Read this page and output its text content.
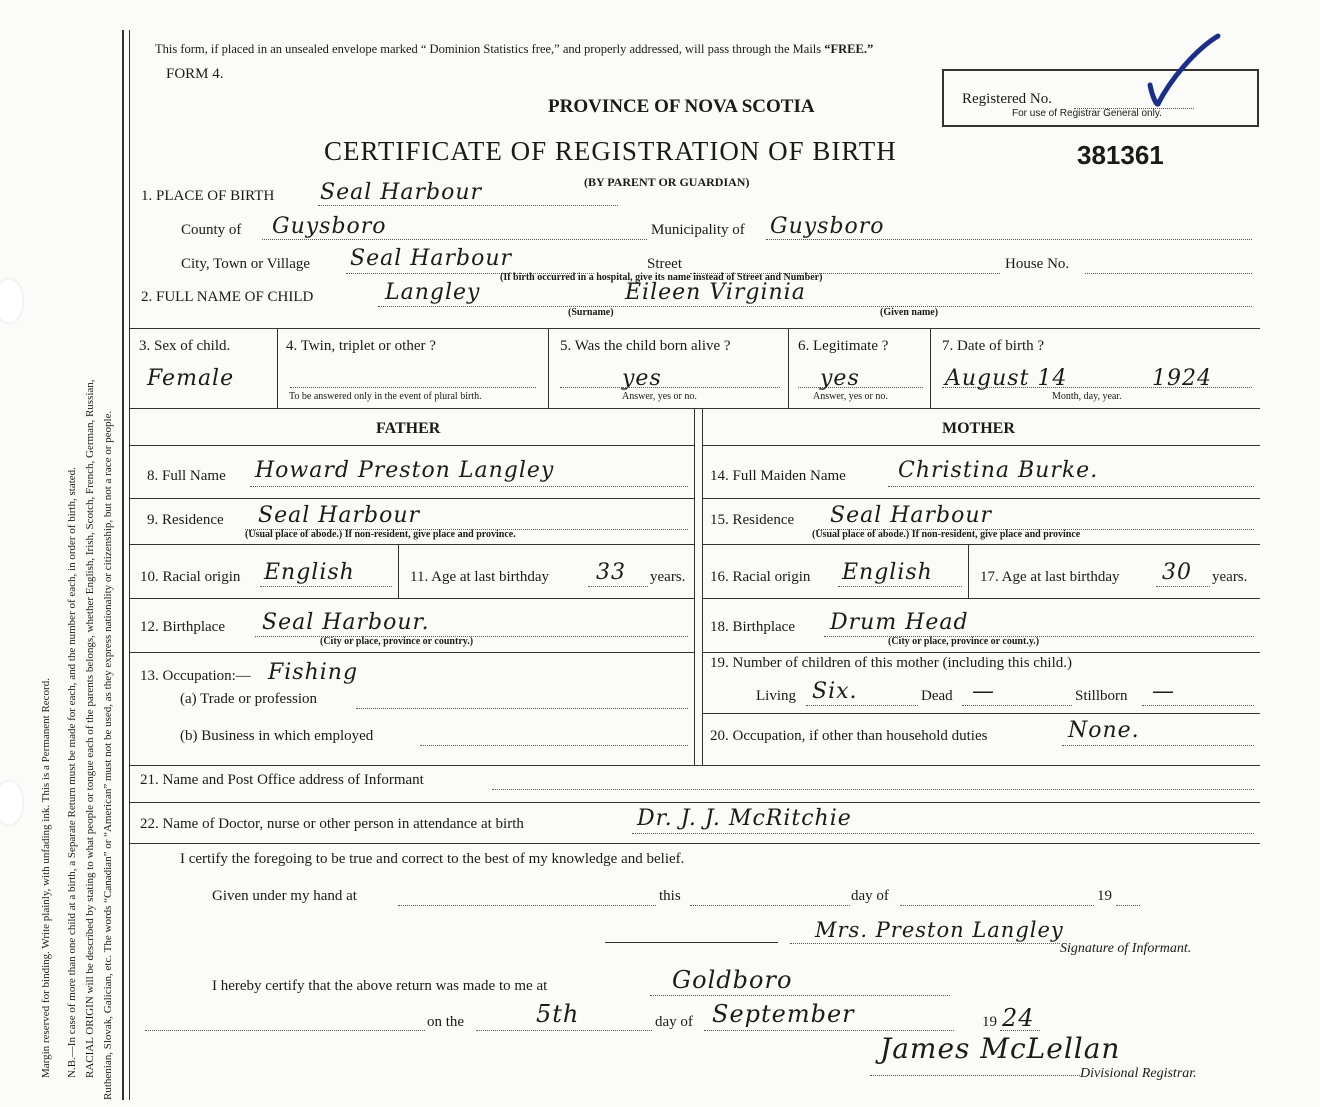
Margin reserved for binding. Write plainly, with unfading ink. This is a Permanent Record. N.B.—In case of more than one child at a birth, a Separate Return must be made for each, and the number of each, in order of birth, stated. RACIAL ORIGIN will be described by stating to what people or tongue each of the parents belongs, whether English, Irish, Scotch, French, German, Russian, Ruthenian, Slovak, Galician, etc. The words “Canadian” or “American” must not be used, as they express nationality or citizenship, but not a race or people.
This form, if placed in an unsealed envelope marked “ Dominion Statistics free,” and properly addressed, will pass through the Mails “FREE.”
FORM 4.
PROVINCE OF NOVA SCOTIA	Registered No.
For use of Registrar General only.
CERTIFICATE OF REGISTRATION OF BIRTH	381361
(BY PARENT OR GUARDIAN)
1. PLACE OF BIRTH Seal Harbour
County of Guysboro	Municipality of Guysboro
City, Town or Village Seal Harbour	Street	House No.
(If birth occurred in a hospital, give its name instead of Street and Number)
2. FULL NAME OF CHILD	Langley	Eileen Virginia
(Surname)	(Given name)
3. Sex of child.
Female
4. Twin, triplet or other ?
To be answered only in the event of plural birth.
5. Was the child born alive ?
yes
Answer, yes or no.
6. Legitimate ?
yes
Answer, yes or no.
7. Date of birth ?
August 14	1924
Month, day, year.
FATHER	MOTHER
8. Full Name Howard Preston Langley
9. Residence Seal Harbour
(Usual place of abode.) If non-resident, give place and province.
10. Racial origin English	11. Age at last birthday 33 years.
12. Birthplace Seal Harbour.
(City or place, province or country.)
13. Occupation:— Fishing
(a) Trade or profession
(b) Business in which employed
14. Full Maiden Name Christina Burke.
15. Residence Seal Harbour
(Usual place of abode.) If non-resident, give place and province
16. Racial origin English	17. Age at last birthday 30 years.
18. Birthplace Drum Head
(City or place, province or count.y.)
19. Number of children of this mother (including this child.)
Living Six.	Dead —	Stillborn —
20. Occupation, if other than household duties	None.
21. Name and Post Office address of Informant
22. Name of Doctor, nurse or other person in attendance at birth	Dr. J. J. McRitchie
I certify the foregoing to be true and correct to the best of my knowledge and belief.
Given under my hand at	this	day of	19
Mrs. Preston Langley
Signature of Informant.
I hereby certify that the above return was made to me at	Goldboro
on the	5th	day of September	19 24
James McLellan
Divisional Registrar.
